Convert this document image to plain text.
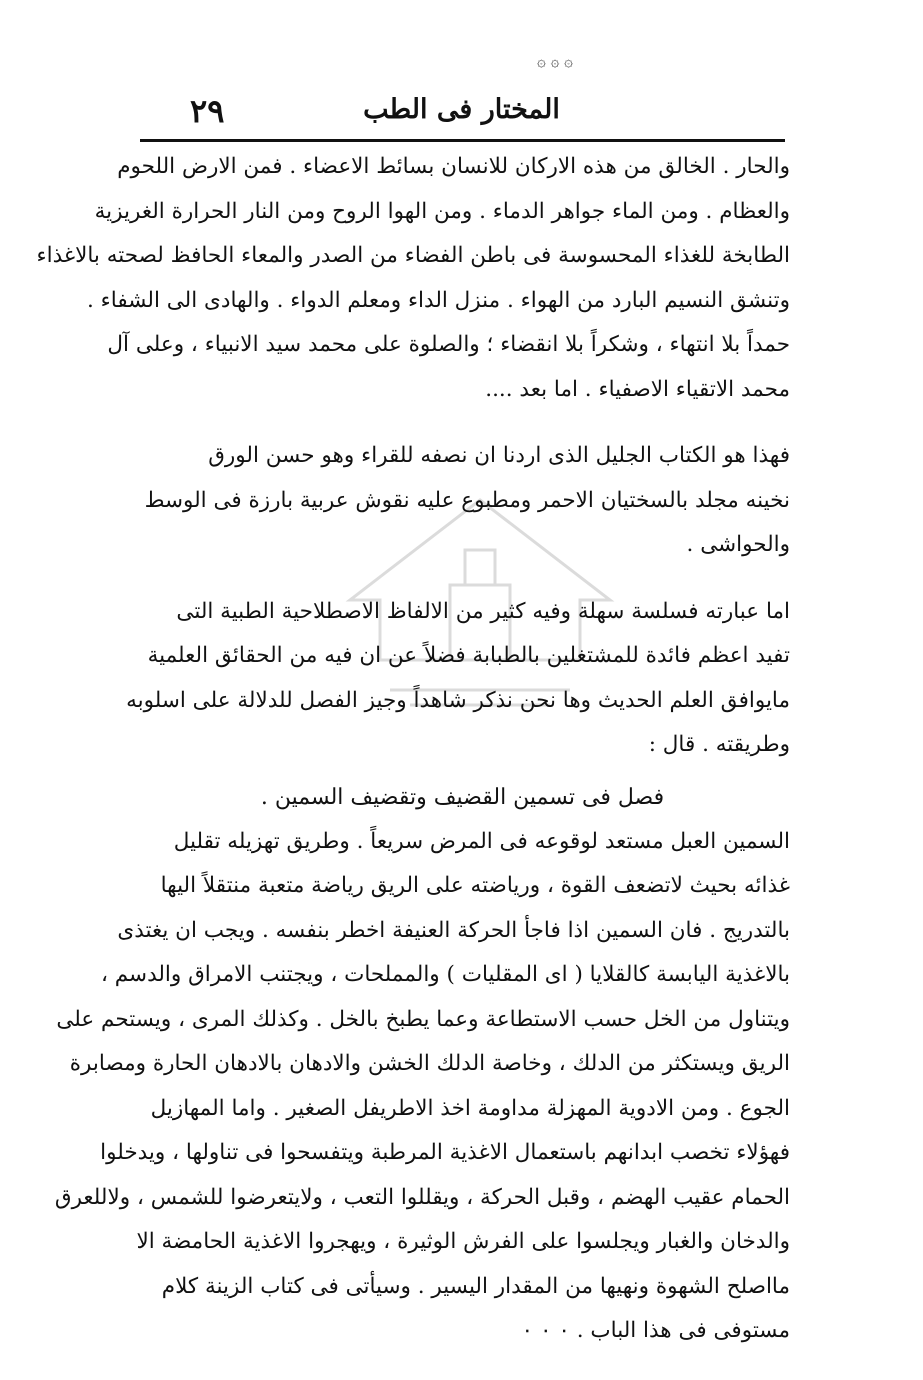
۞ ۞ ۞
٢٩	المختار فى الطب
والحار . الخالق من هذه الاركان للانسان بسائط الاعضاء . فمن الارض اللحوم
والعظام . ومن الماء جواهر الدماء . ومن الهوا الروح ومن النار الحرارة الغريزية
الطابخة للغذاء المحسوسة فى باطن الفضاء من الصدر والمعاء الحافظ لصحته بالاغذاء
وتنشق النسيم البارد من الهواء . منزل الداء ومعلم الدواء . والهادى الى الشفاء .
حمداً بلا انتهاء ، وشكراً بلا انقضاء ؛ والصلوة على محمد سيد الانبياء ، وعلى آل
محمد الاتقياء الاصفياء . اما بعد ....
فهذا هو الكتاب الجليل الذى اردنا ان نصفه للقراء وهو حسن الورق
نخينه مجلد بالسختيان الاحمر ومطبوع عليه نقوش عربية بارزة فى الوسط
والحواشى .
اما عبارته فسلسة سهلة وفيه كثير من الالفاظ الاصطلاحية الطبية التى
تفيد اعظم فائدة للمشتغلين بالطبابة فضلاً عن ان فيه من الحقائق العلمية
مايوافق العلم الحديث وها نحن نذكر شاهداً وجيز الفصل للدلالة على اسلوبه
وطريقته . قال :
فصل فى تسمين القضيف وتقضيف السمين .
السمين العبل مستعد لوقوعه فى المرض سريعاً . وطريق تهزيله تقليل
غذائه بحيث لاتضعف القوة ، ورياضته على الريق رياضة متعبة منتقلاً اليها
بالتدريج . فان السمين اذا فاجأ الحركة العنيفة اخطر بنفسه . ويجب ان يغتذى
بالاغذية اليابسة كالقلايا ( اى المقليات ) والمملحات ، ويجتنب الامراق والدسم ،
ويتناول من الخل حسب الاستطاعة وعما يطبخ بالخل . وكذلك المرى ، ويستحم على
الريق ويستكثر من الدلك ، وخاصة الدلك الخشن والادهان بالادهان الحارة ومصابرة
الجوع . ومن الادوية المهزلة مداومة اخذ الاطريفل الصغير . واما المهازيل
فهؤلاء تخصب ابدانهم باستعمال الاغذية المرطبة ويتفسحوا فى تناولها ، ويدخلوا
الحمام عقيب الهضم ، وقبل الحركة ، ويقللوا التعب ، ولايتعرضوا للشمس ، ولاللعرق
والدخان والغبار ويجلسوا على الفرش الوثيرة ، ويهجروا الاغذية الحامضة الا
مااصلح الشهوة ونهيها من المقدار اليسير . وسيأتى فى كتاب الزينة كلام
مستوفى فى هذا الباب . ٠ ٠ ٠
